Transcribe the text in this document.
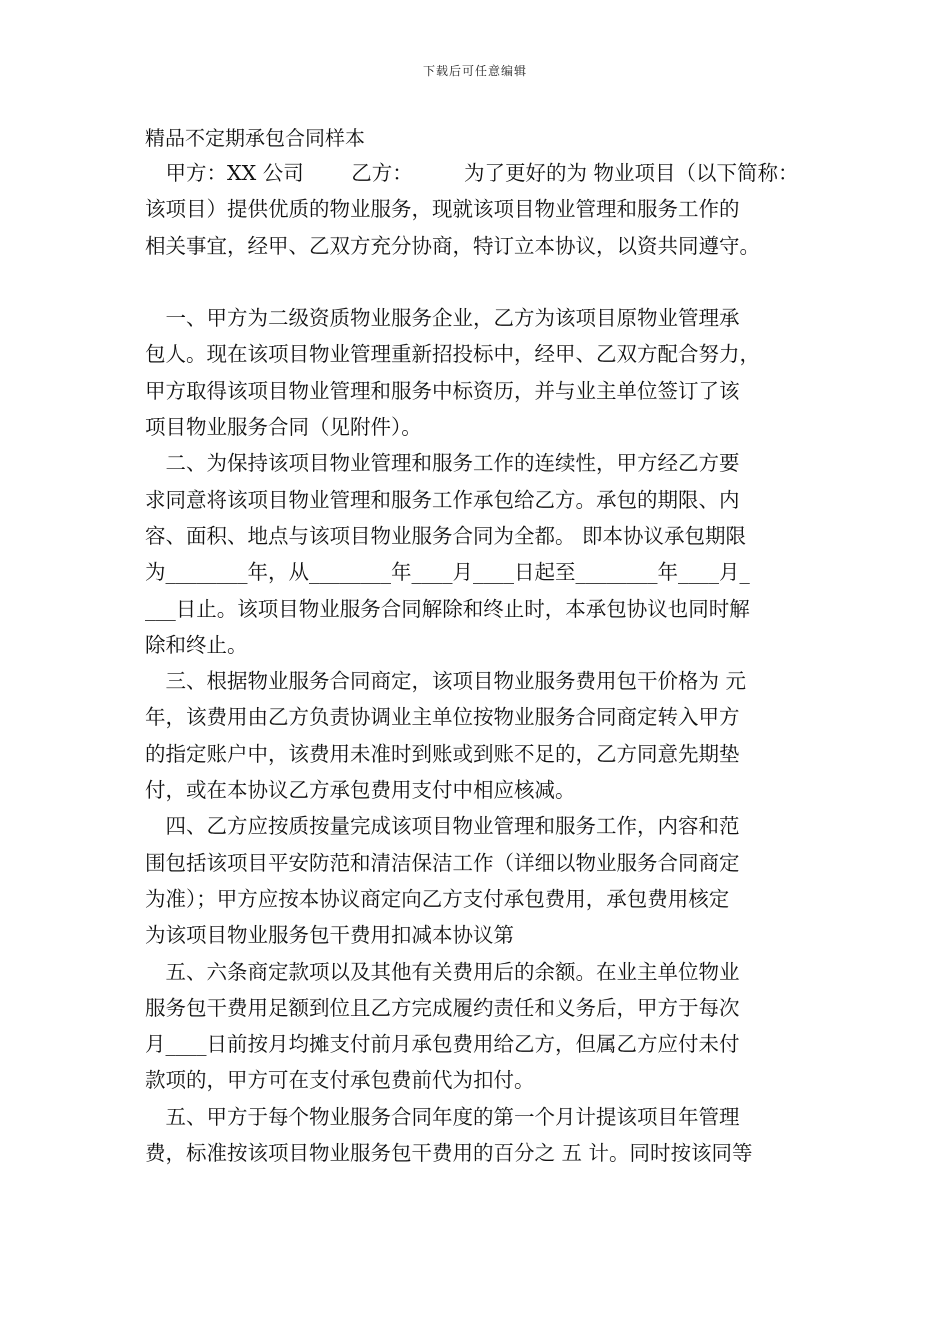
下载后可任意编辑
精品不定期承包合同样本
　甲方：XX 公司　　 乙方：　　　为了更好的为 物业项目（以下简称：
该项目）提供优质的物业服务，现就该项目物业管理和服务工作的
相关事宜，经甲、乙双方充分协商，特订立本协议，以资共同遵守。
　一、甲方为二级资质物业服务企业，乙方为该项目原物业管理承
包人。现在该项目物业管理重新招投标中，经甲、乙双方配合努力，
甲方取得该项目物业管理和服务中标资历，并与业主单位签订了该
项目物业服务合同（见附件）。
　二、为保持该项目物业管理和服务工作的连续性，甲方经乙方要
求同意将该项目物业管理和服务工作承包给乙方。承包的期限、内
容、面积、地点与该项目物业服务合同为全都。 即本协议承包期限
为________年，从________年____月____日起至________年____月_
___日止。该项目物业服务合同解除和终止时，本承包协议也同时解
除和终止。
　三、根据物业服务合同商定，该项目物业服务费用包干价格为 元
年，该费用由乙方负责协调业主单位按物业服务合同商定转入甲方
的指定账户中，该费用未准时到账或到账不足的，乙方同意先期垫
付，或在本协议乙方承包费用支付中相应核减。
　四、乙方应按质按量完成该项目物业管理和服务工作，内容和范
围包括该项目平安防范和清洁保洁工作（详细以物业服务合同商定
为准）；甲方应按本协议商定向乙方支付承包费用，承包费用核定
为该项目物业服务包干费用扣减本协议第
　五、六条商定款项以及其他有关费用后的余额。在业主单位物业
服务包干费用足额到位且乙方完成履约责任和义务后，甲方于每次
月____日前按月均摊支付前月承包费用给乙方，但属乙方应付未付
款项的，甲方可在支付承包费前代为扣付。
　五、甲方于每个物业服务合同年度的第一个月计提该项目年管理
费，标准按该项目物业服务包干费用的百分之 五 计。同时按该同等
